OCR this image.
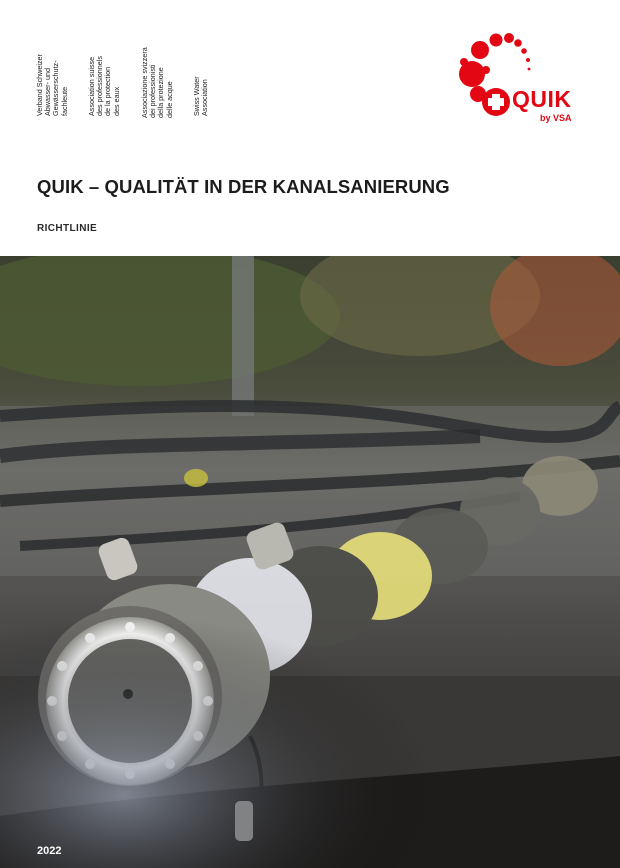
Verband Schweizer Abwasser- und Gewässerschutz- fachleute	Association suisse des professionnels de la protection des eaux	Associazione svizzera dei professionisti della protezione delle acque	Swiss Water Association	QUIK
by VSA
QUIK – QUALITÄT IN DER KANALSANIERUNG
RICHTLINIE
2022
